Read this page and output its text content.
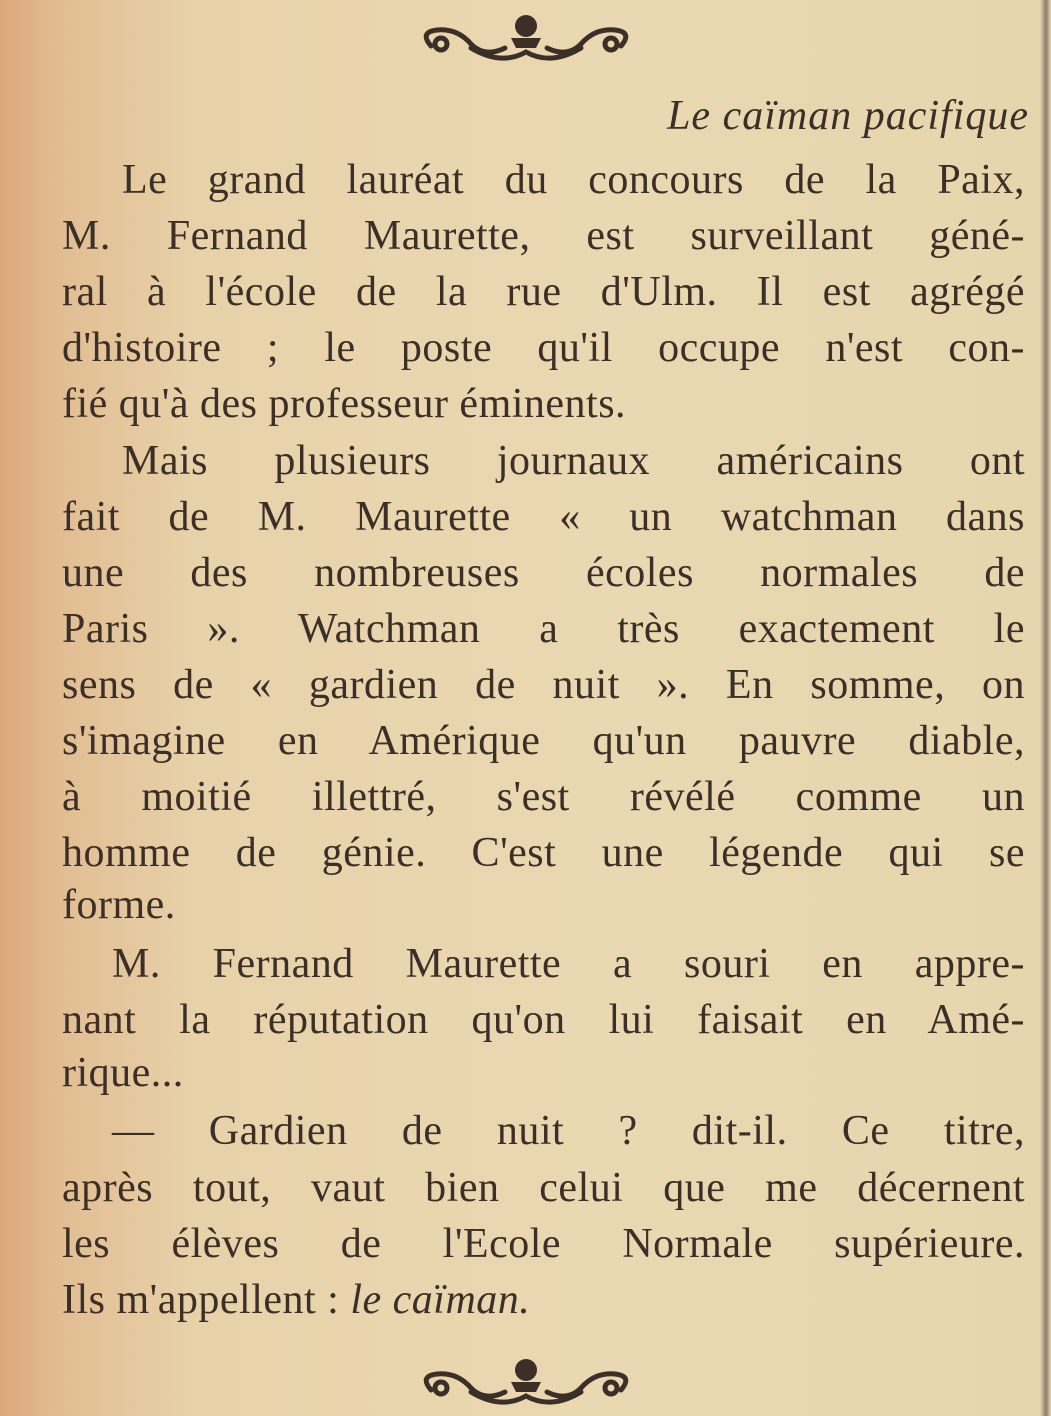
Le caïman pacifique
Le grand lauréat du concours de la Paix,
M. Fernand Maurette, est surveillant géné-
ral à l'école de la rue d'Ulm. Il est agrégé
d'histoire ; le poste qu'il occupe n'est con-
fié qu'à des professeur éminents.
Mais plusieurs journaux américains ont
fait de M. Maurette « un watchman dans
une des nombreuses écoles normales de
Paris ». Watchman a très exactement le
sens de « gardien de nuit ». En somme, on
s'imagine en Amérique qu'un pauvre diable,
à moitié illettré, s'est révélé comme un
homme de génie. C'est une légende qui se
forme.
M. Fernand Maurette a souri en appre-
nant la réputation qu'on lui faisait en Amé-
rique...
— Gardien de nuit ? dit-il. Ce titre,
après tout, vaut bien celui que me décernent
les élèves de l'Ecole Normale supérieure.
Ils m'appellent : le caïman.
